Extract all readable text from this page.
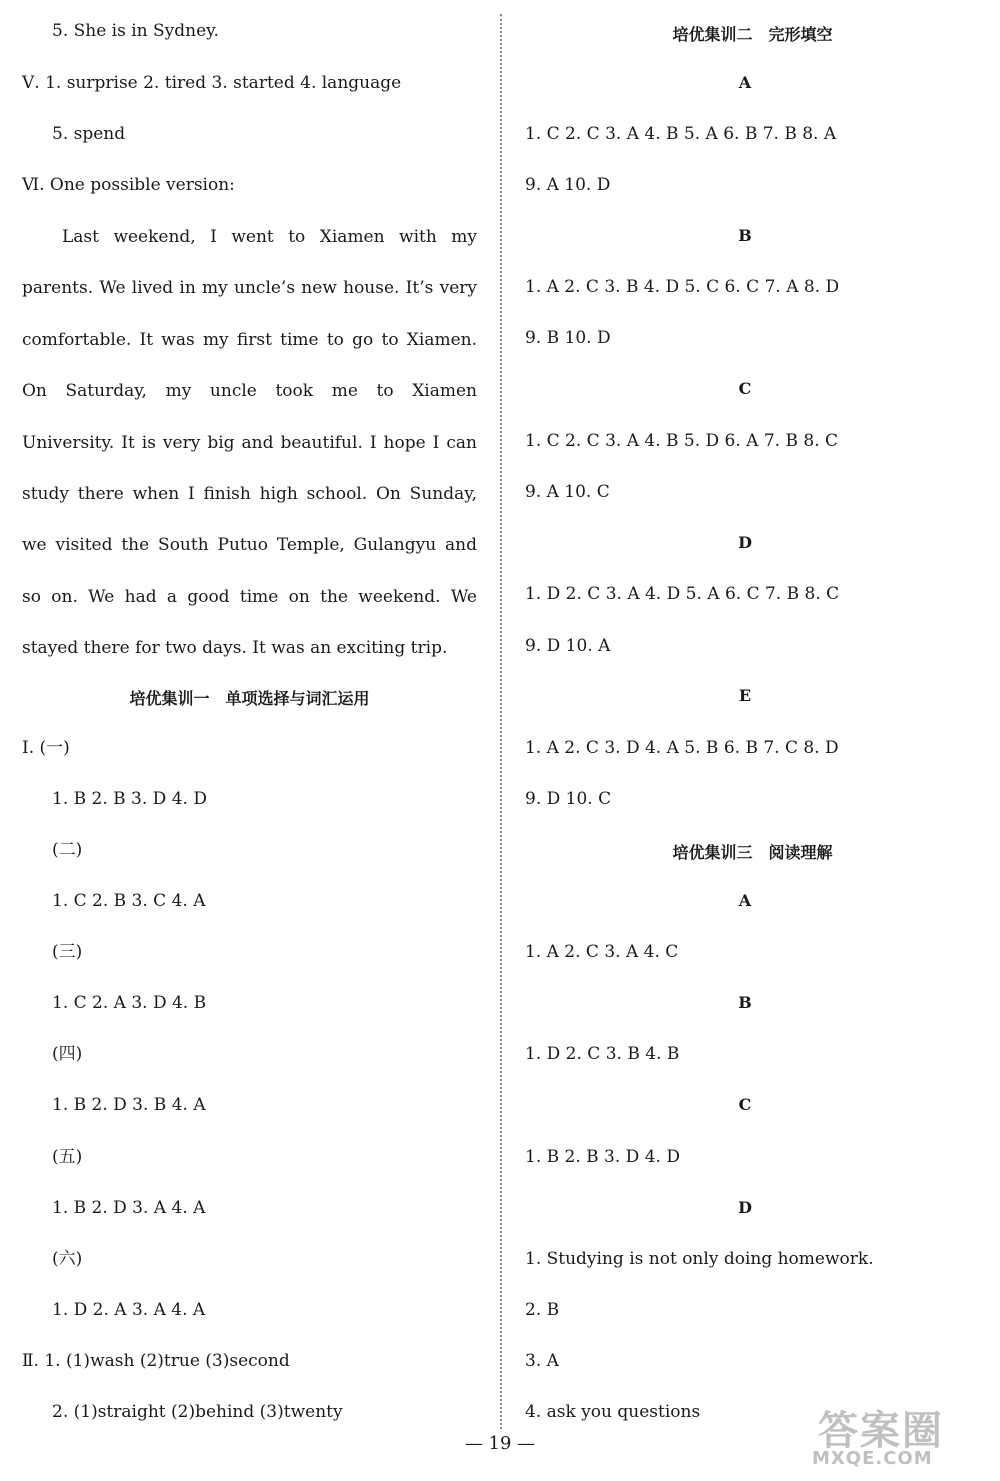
5. She is in Sydney.
Ⅴ. 1. surprise 2. tired 3. started 4. language
5. spend
Ⅵ. One possible version:
Last weekend, I went to Xiamen with my parents. We lived in my uncle’s new house. It’s very comfortable. It was my first time to go to Xiamen. On Saturday, my uncle took me to Xiamen University. It is very big and beautiful. I hope I can study there when I finish high school. On Sunday, we visited the South Putuo Temple, Gulangyu and so on. We had a good time on the weekend. We stayed there for two days. It was an exciting trip.
培优集训一　单项选择与词汇运用
Ⅰ. (一)
1. B 2. B 3. D 4. D
(二)
1. C 2. B 3. C 4. A
(三)
1. C 2. A 3. D 4. B
(四)
1. B 2. D 3. B 4. A
(五)
1. B 2. D 3. A 4. A
(六)
1. D 2. A 3. A 4. A
Ⅱ. 1. (1)wash (2)true (3)second
2. (1)straight (2)behind (3)twenty
培优集训二　完形填空
A
1. C 2. C 3. A 4. B 5. A 6. B 7. B 8. A
9. A 10. D
B
1. A 2. C 3. B 4. D 5. C 6. C 7. A 8. D
9. B 10. D
C
1. C 2. C 3. A 4. B 5. D 6. A 7. B 8. C
9. A 10. C
D
1. D 2. C 3. A 4. D 5. A 6. C 7. B 8. C
9. D 10. A
E
1. A 2. C 3. D 4. A 5. B 6. B 7. C 8. D
9. D 10. C
培优集训三　阅读理解
A
1. A 2. C 3. A 4. C
B
1. D 2. C 3. B 4. B
C
1. B 2. B 3. D 4. D
D
1. Studying is not only doing homework.
2. B
3. A
4. ask you questions
— 19 —	答案圈
MXQE.COM
